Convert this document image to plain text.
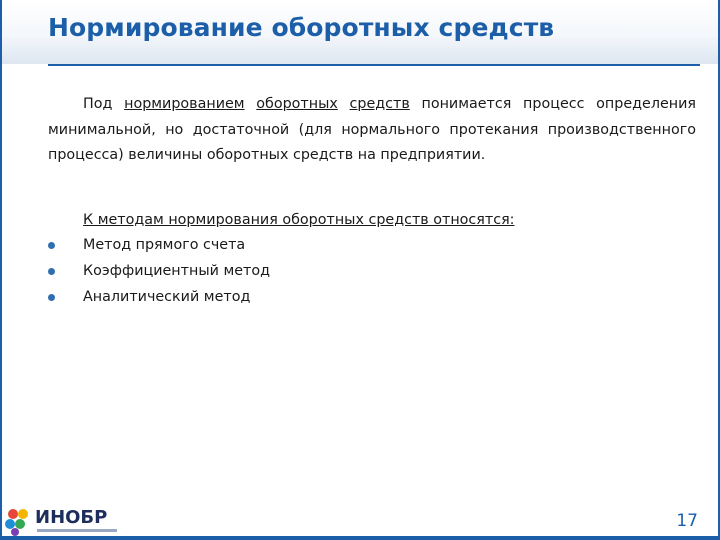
Нормирование оборотных средств

Под нормированием оборотных средств понимается процесс определения минимальной, но достаточной (для нормального протекания производственного процесса) величины оборотных средств на предприятии.

К методам нормирования оборотных средств относятся:

Метод прямого счета
Коэффициентный метод
Аналитический метод
ИНОБР	17
